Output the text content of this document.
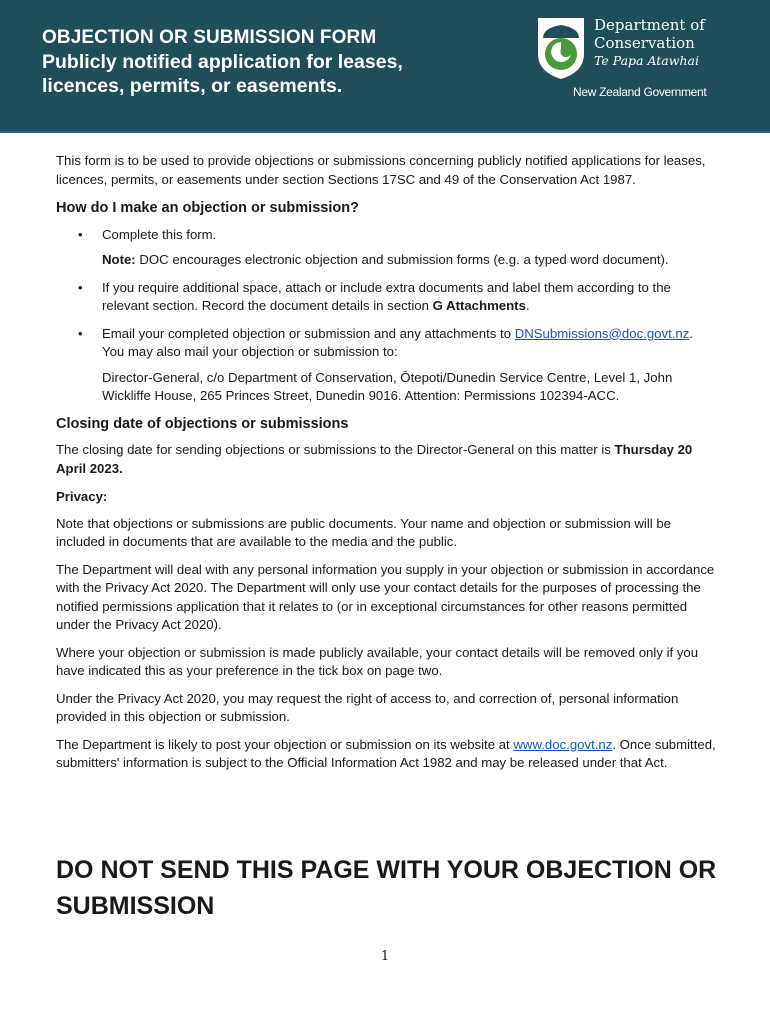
OBJECTION OR SUBMISSION FORM
Publicly notified application for leases, licences, permits, or easements.
Department of
Conservation
Te Papa Atawhai
New Zealand Government

This form is to be used to provide objections or submissions concerning publicly notified applications for leases, licences, permits, or easements under section Sections 17SC and 49 of the Conservation Act 1987.

How do I make an objection or submission?
• Complete this form.
Note: DOC encourages electronic objection and submission forms (e.g. a typed word document).
• If you require additional space, attach or include extra documents and label them according to the relevant section. Record the document details in section G Attachments.
• Email your completed objection or submission and any attachments to DNSubmissions@doc.govt.nz. You may also mail your objection or submission to:
Director-General, c/o Department of Conservation, Ōtepoti/Dunedin Service Centre, Level 1, John Wickliffe House, 265 Princes Street, Dunedin 9016. Attention: Permissions 102394-ACC.
Closing date of objections or submissions

The closing date for sending objections or submissions to the Director-General on this matter is Thursday 20 April 2023.

Privacy:

Note that objections or submissions are public documents. Your name and objection or submission will be included in documents that are available to the media and the public.

The Department will deal with any personal information you supply in your objection or submission in accordance with the Privacy Act 2020. The Department will only use your contact details for the purposes of processing the notified permissions application that it relates to (or in exceptional circumstances for other reasons permitted under the Privacy Act 2020).

Where your objection or submission is made publicly available, your contact details will be removed only if you have indicated this as your preference in the tick box on page two.

Under the Privacy Act 2020, you may request the right of access to, and correction of, personal information provided in this objection or submission.

The Department is likely to post your objection or submission on its website at www.doc.govt.nz. Once submitted, submitters' information is subject to the Official Information Act 1982 and may be released under that Act.

DO NOT SEND THIS PAGE WITH YOUR OBJECTION OR SUBMISSION
1
